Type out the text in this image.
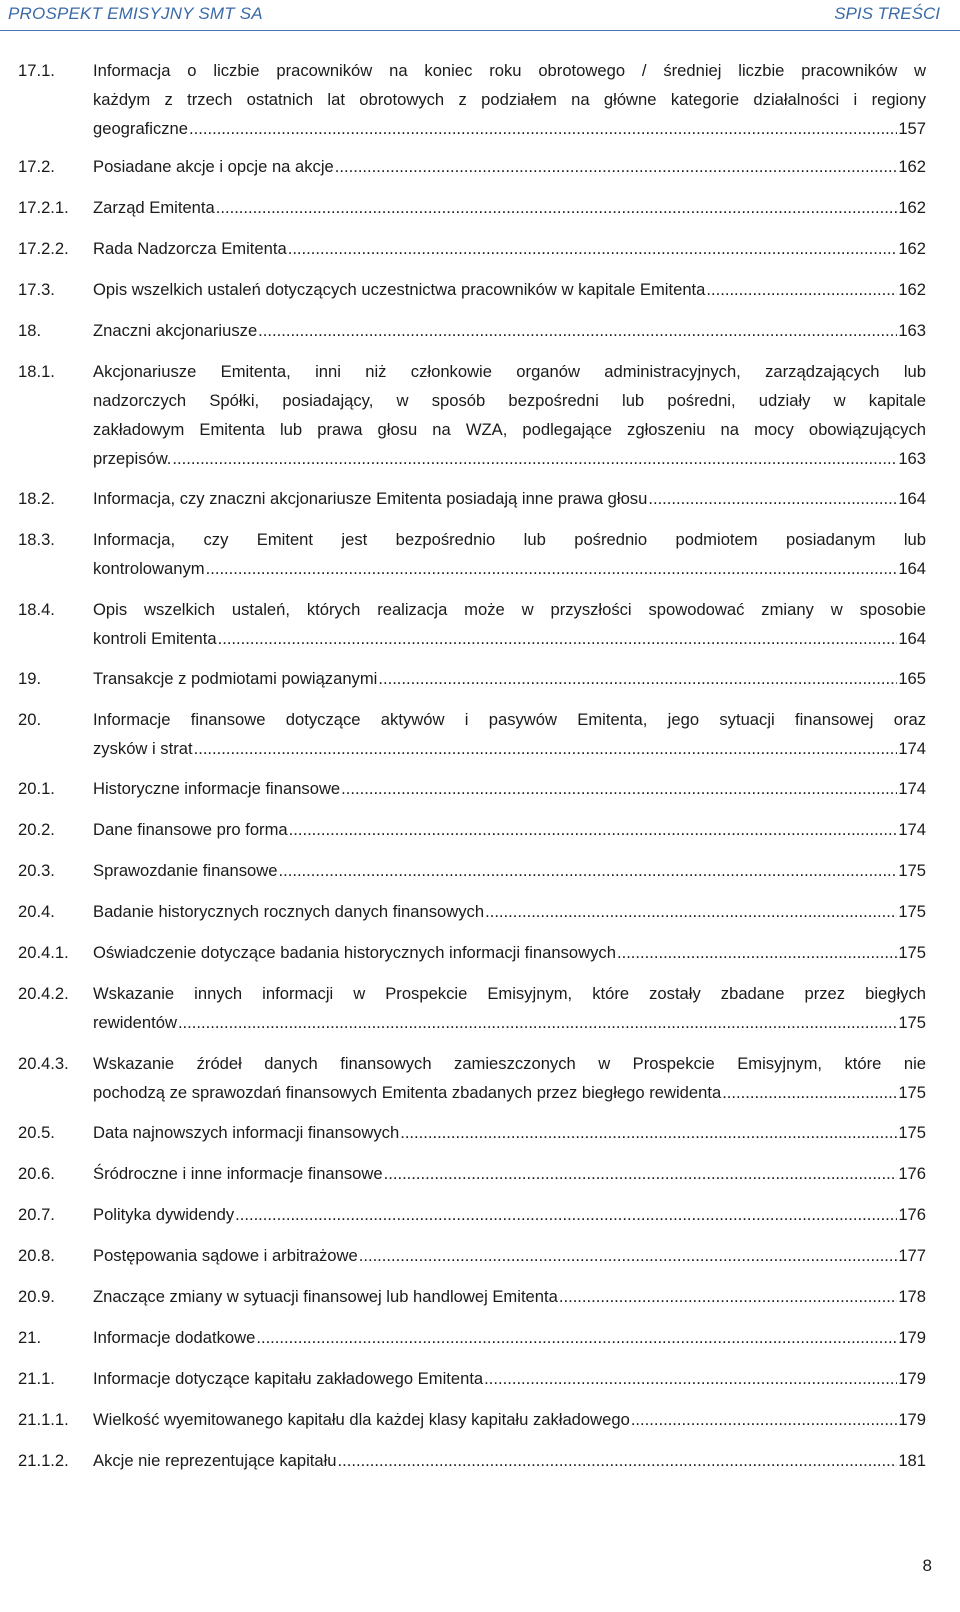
PROSPEKT EMISYJNY SMT SA	SPIS TREŚCI
17.1. Informacja o liczbie pracowników na koniec roku obrotowego / średniej liczbie pracowników w
każdym z trzech ostatnich lat obrotowych z podziałem na główne kategorie działalności i regiony
geograficzne .....	157
17.2. Posiadane akcje i opcje na akcje .....	162
17.2.1. Zarząd Emitenta .....	162
17.2.2. Rada Nadzorcza Emitenta .....	162
17.3. Opis wszelkich ustaleń dotyczących uczestnictwa pracowników w kapitale Emitenta .....	162
18.	Znaczni akcjonariusze .....	163
18.1. Akcjonariusze Emitenta, inni niż członkowie organów administracyjnych, zarządzających lub
nadzorczych Spółki, posiadający, w sposób bezpośredni lub pośredni, udziały w kapitale
zakładowym Emitenta lub prawa głosu na WZA, podlegające zgłoszeniu na mocy obowiązujących
przepisów. .....	163
18.2. Informacja, czy znaczni akcjonariusze Emitenta posiadają inne prawa głosu .....	164
18.3. Informacja, czy Emitent jest bezpośrednio lub pośrednio podmiotem posiadanym lub
kontrolowanym .....	164
18.4. Opis wszelkich ustaleń, których realizacja może w przyszłości spowodować zmiany w sposobie
kontroli Emitenta .....	164
19.	Transakcje z podmiotami powiązanymi .....	165
20.	Informacje finansowe dotyczące aktywów i pasywów Emitenta, jego sytuacji finansowej oraz
zysków i strat .....	174
20.1. Historyczne informacje finansowe .....	174
20.2. Dane finansowe pro forma .....	174
20.3. Sprawozdanie finansowe .....	175
20.4. Badanie historycznych rocznych danych finansowych .....	175
20.4.1. Oświadczenie dotyczące badania historycznych informacji finansowych .....	175
20.4.2. Wskazanie innych informacji w Prospekcie Emisyjnym, które zostały zbadane przez biegłych
rewidentów .....	175
20.4.3. Wskazanie źródeł danych finansowych zamieszczonych w Prospekcie Emisyjnym, które nie
pochodzą ze sprawozdań finansowych Emitenta zbadanych przez biegłego rewidenta .....	175
20.5. Data najnowszych informacji finansowych .....	175
20.6. Śródroczne i inne informacje finansowe .....	176
20.7. Polityka dywidendy .....	176
20.8. Postępowania sądowe i arbitrażowe .....	177
20.9. Znaczące zmiany w sytuacji finansowej lub handlowej Emitenta .....	178
21.	Informacje dodatkowe .....	179
21.1. Informacje dotyczące kapitału zakładowego Emitenta .....	179
21.1.1. Wielkość wyemitowanego kapitału dla każdej klasy kapitału zakładowego .....	179
21.1.2. Akcje nie reprezentujące kapitału .....	181
8
